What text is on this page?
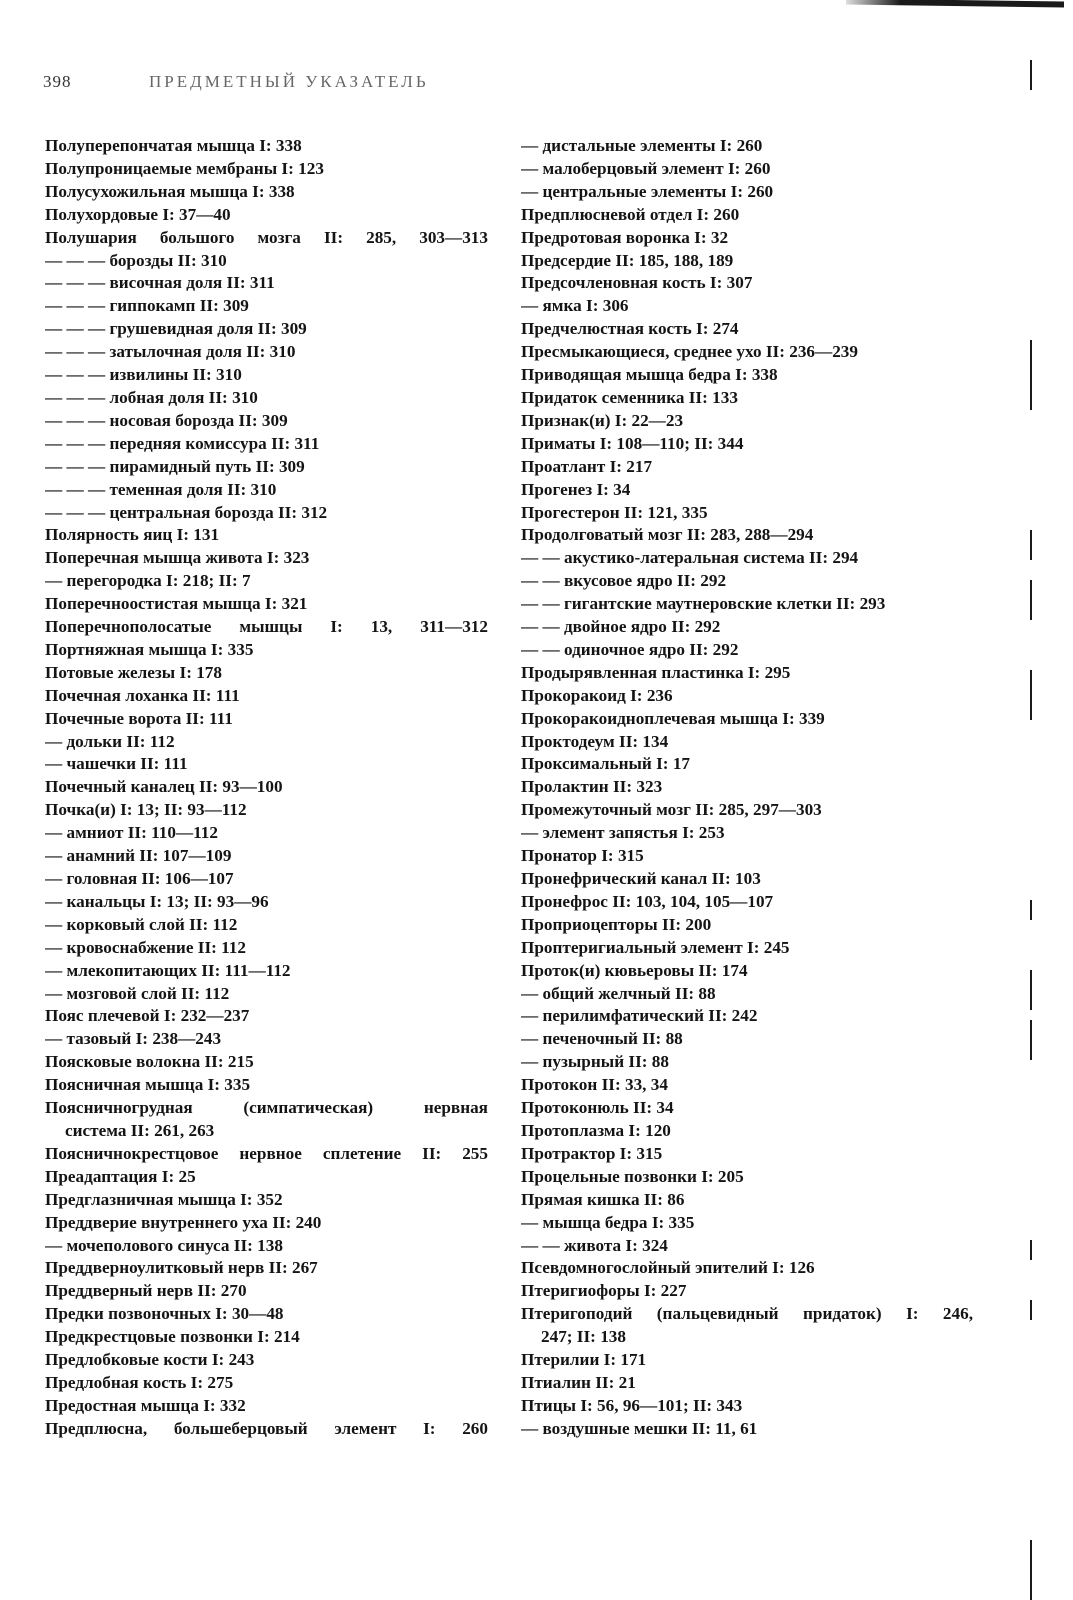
398	ПРЕДМЕТНЫЙ УКАЗАТЕЛЬ
Полуперепончатая мышца I: 338
Полупроницаемые мембраны I: 123
Полусухожильная мышца I: 338
Полухордовые I: 37—40
Полушария большого мозга II: 285, 303—313
— — — борозды II: 310
— — — височная доля II: 311
— — — гиппокамп II: 309
— — — грушевидная доля II: 309
— — — затылочная доля II: 310
— — — извилины II: 310
— — — лобная доля II: 310
— — — носовая борозда II: 309
— — — передняя комиссура II: 311
— — — пирамидный путь II: 309
— — — теменная доля II: 310
— — — центральная борозда II: 312
Полярность яиц I: 131
Поперечная мышца живота I: 323
— перегородка I: 218; II: 7
Поперечноостистая мышца I: 321
Поперечнополосатые мышцы I: 13, 311—312
Портняжная мышца I: 335
Потовые железы I: 178
Почечная лоханка II: 111
Почечные ворота II: 111
— дольки II: 112
— чашечки II: 111
Почечный каналец II: 93—100
Почка(и) I: 13; II: 93—112
— амниот II: 110—112
— анамний II: 107—109
— головная II: 106—107
— канальцы I: 13; II: 93—96
— корковый слой II: 112
— кровоснабжение II: 112
— млекопитающих II: 111—112
— мозговой слой II: 112
Пояс плечевой I: 232—237
— тазовый I: 238—243
Поясковые волокна II: 215
Поясничная мышца I: 335
Поясничногрудная (симпатическая) нервная
система II: 261, 263
Поясничнокрестцовое нервное сплетение II: 255
Преадаптация I: 25
Предглазничная мышца I: 352
Преддверие внутреннего уха II: 240
— мочеполового синуса II: 138
Преддверноулитковый нерв II: 267
Преддверный нерв II: 270
Предки позвоночных I: 30—48
Предкрестцовые позвонки I: 214
Предлобковые кости I: 243
Предлобная кость I: 275
Предостная мышца I: 332
Предплюсна, большеберцовый элемент I: 260
— дистальные элементы I: 260
— малоберцовый элемент I: 260
— центральные элементы I: 260
Предплюсневой отдел I: 260
Предротовая воронка I: 32
Предсердие II: 185, 188, 189
Предсочленовная кость I: 307
— ямка I: 306
Предчелюстная кость I: 274
Пресмыкающиеся, среднее ухо II: 236—239
Приводящая мышца бедра I: 338
Придаток семенника II: 133
Признак(и) I: 22—23
Приматы I: 108—110; II: 344
Проатлант I: 217
Прогенез I: 34
Прогестерон II: 121, 335
Продолговатый мозг II: 283, 288—294
— — акустико-латеральная система II: 294
— — вкусовое ядро II: 292
— — гигантские маутнеровские клетки II: 293
— — двойное ядро II: 292
— — одиночное ядро II: 292
Продырявленная пластинка I: 295
Прокоракоид I: 236
Прокоракоидноплечевая мышца I: 339
Проктодеум II: 134
Проксимальный I: 17
Пролактин II: 323
Промежуточный мозг II: 285, 297—303
— элемент запястья I: 253
Пронатор I: 315
Пронефрический канал II: 103
Пронефрос II: 103, 104, 105—107
Проприоцепторы II: 200
Проптеригиальный элемент I: 245
Проток(и) кювьеровы II: 174
— общий желчный II: 88
— перилимфатический II: 242
— печеночный II: 88
— пузырный II: 88
Протокон II: 33, 34
Протоконюль II: 34
Протоплазма I: 120
Протрактор I: 315
Процельные позвонки I: 205
Прямая кишка II: 86
— мышца бедра I: 335
— — живота I: 324
Псевдомногослойный эпителий I: 126
Птеригиофоры I: 227
Птеригоподий (пальцевидный придаток) I: 246,
247; II: 138
Птерилии I: 171
Птиалин II: 21
Птицы I: 56, 96—101; II: 343
— воздушные мешки II: 11, 61
